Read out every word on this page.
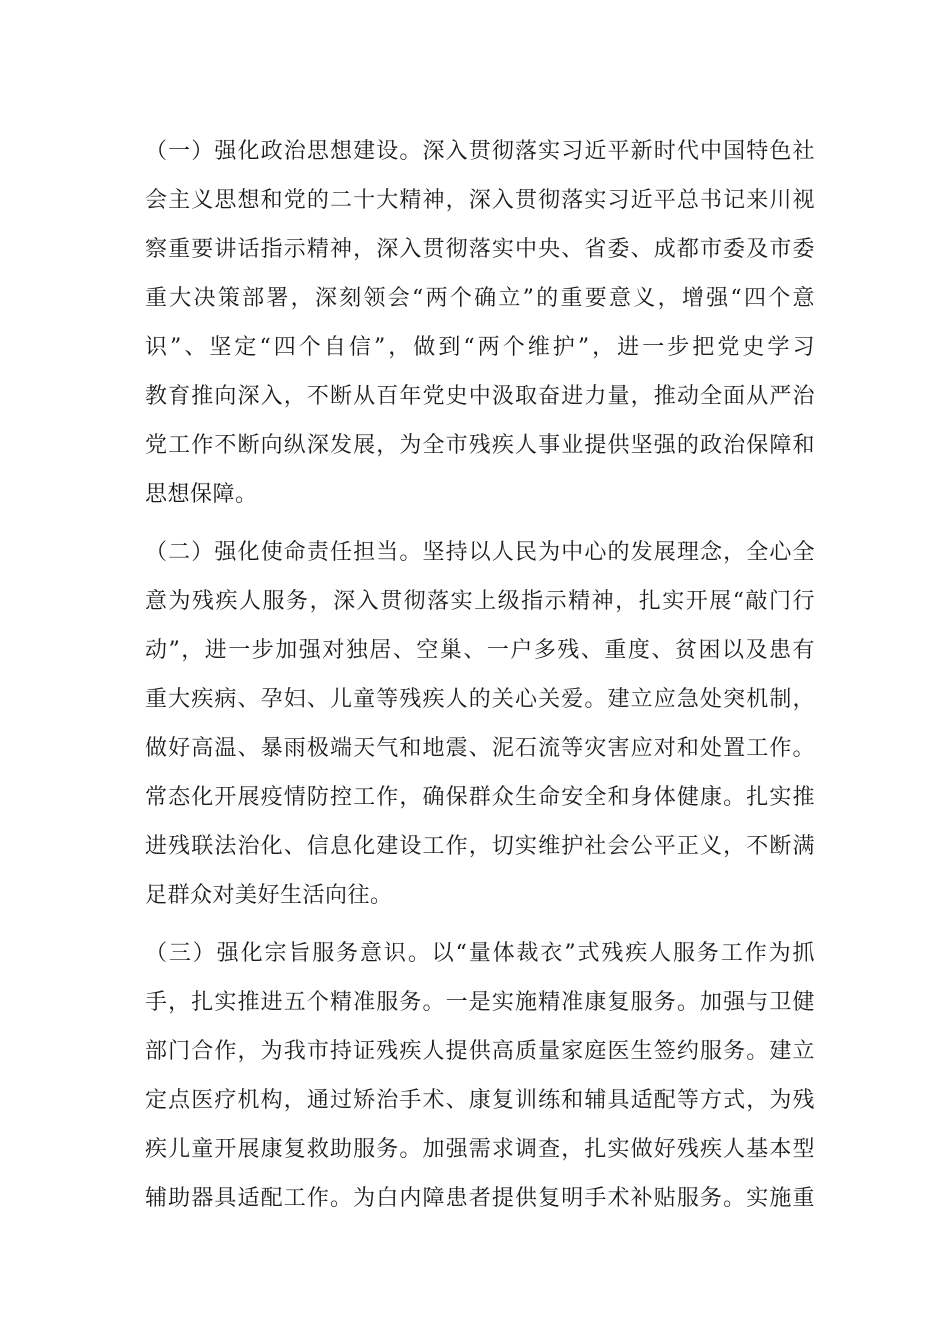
（一）强化政治思想建设。深入贯彻落实习近平新时代中国特色社
会主义思想和党的二十大精神，深入贯彻落实习近平总书记来川视
察重要讲话指示精神，深入贯彻落实中央、省委、成都市委及市委
重大决策部署，深刻领会“两个确立”的重要意义，增强“四个意
识”、坚定“四个自信”，做到“两个维护”，进一步把党史学习
教育推向深入，不断从百年党史中汲取奋进力量，推动全面从严治
党工作不断向纵深发展，为全市残疾人事业提供坚强的政治保障和
思想保障。
（二）强化使命责任担当。坚持以人民为中心的发展理念，全心全
意为残疾人服务，深入贯彻落实上级指示精神，扎实开展“敲门行
动”，进一步加强对独居、空巢、一户多残、重度、贫困以及患有
重大疾病、孕妇、儿童等残疾人的关心关爱。建立应急处突机制，
做好高温、暴雨极端天气和地震、泥石流等灾害应对和处置工作。
常态化开展疫情防控工作，确保群众生命安全和身体健康。扎实推
进残联法治化、信息化建设工作，切实维护社会公平正义，不断满
足群众对美好生活向往。
（三）强化宗旨服务意识。以“量体裁衣”式残疾人服务工作为抓
手，扎实推进五个精准服务。一是实施精准康复服务。加强与卫健
部门合作，为我市持证残疾人提供高质量家庭医生签约服务。建立
定点医疗机构，通过矫治手术、康复训练和辅具适配等方式，为残
疾儿童开展康复救助服务。加强需求调查，扎实做好残疾人基本型
辅助器具适配工作。为白内障患者提供复明手术补贴服务。实施重
